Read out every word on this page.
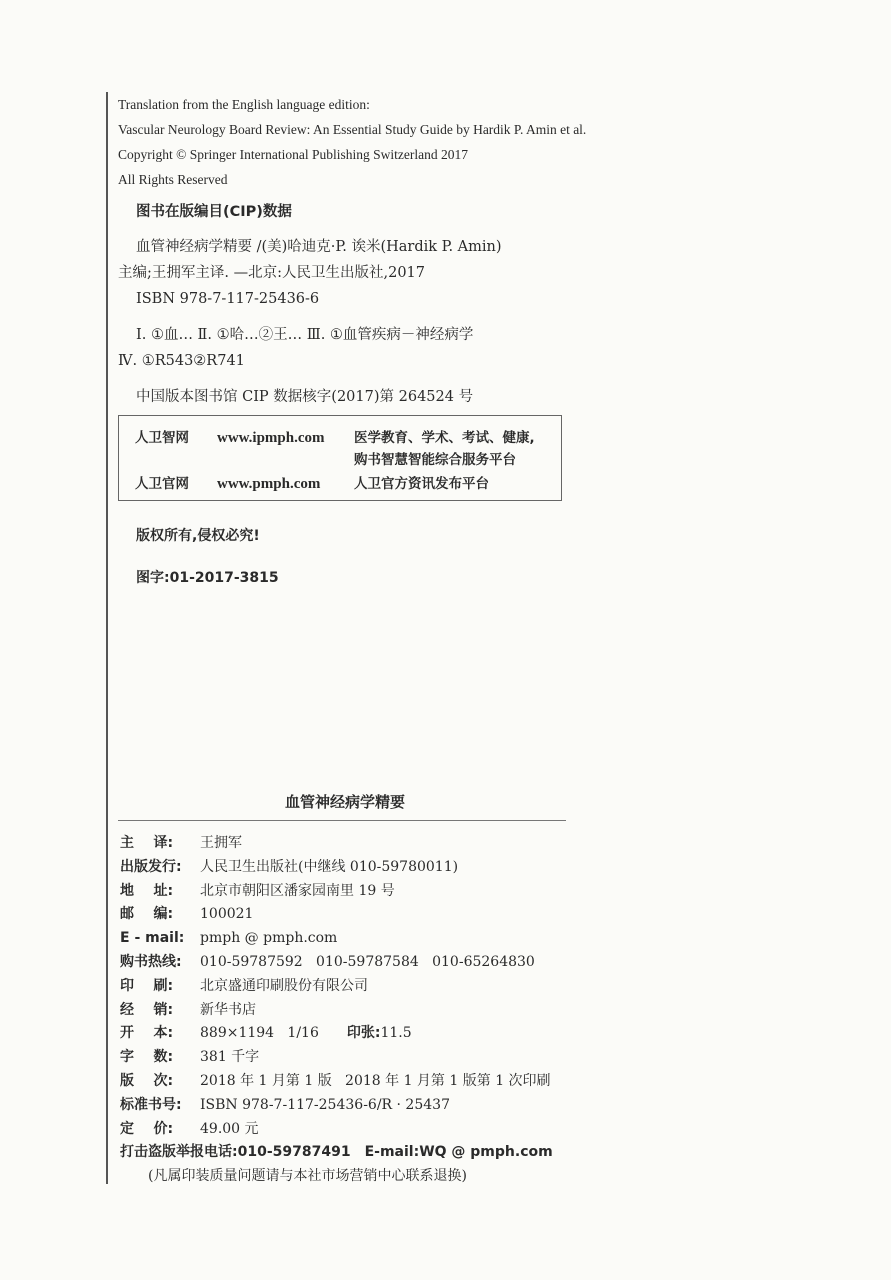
Translation from the English language edition:
Vascular Neurology Board Review: An Essential Study Guide by Hardik P. Amin et al.
Copyright © Springer International Publishing Switzerland 2017
All Rights Reserved
图书在版编目(CIP)数据
血管神经病学精要 /(美)哈迪克·P. 诶米(Hardik P. Amin)
主编;王拥军主译. —北京:人民卫生出版社,2017
ISBN 978-7-117-25436-6
Ⅰ. ①血… Ⅱ. ①哈…②王… Ⅲ. ①血管疾病－神经病学
Ⅳ. ①R543②R741
中国版本图书馆 CIP 数据核字(2017)第 264524 号
人卫智网 www.ipmph.com 医学教育、学术、考试、健康,
购书智慧智能综合服务平台
人卫官网 www.pmph.com 人卫官方资讯发布平台
版权所有,侵权必究!
图字:01-2017-3815
血管神经病学精要
主    译: 王拥军
出版发行: 人民卫生出版社(中继线 010-59780011)
地    址: 北京市朝阳区潘家园南里 19 号
邮    编: 100021
E - mail: pmph @ pmph.com
购书热线: 010-59787592   010-59787584   010-65264830
印    刷: 北京盛通印刷股份有限公司
经    销: 新华书店
开    本: 889×1194   1/16 印张:11.5
字    数: 381 千字
版    次: 2018 年 1 月第 1 版   2018 年 1 月第 1 版第 1 次印刷
标准书号: ISBN 978-7-117-25436-6/R · 25437
定    价: 49.00 元
打击盗版举报电话:010-59787491 E-mail:WQ @ pmph.com
(凡属印装质量问题请与本社市场营销中心联系退换)
